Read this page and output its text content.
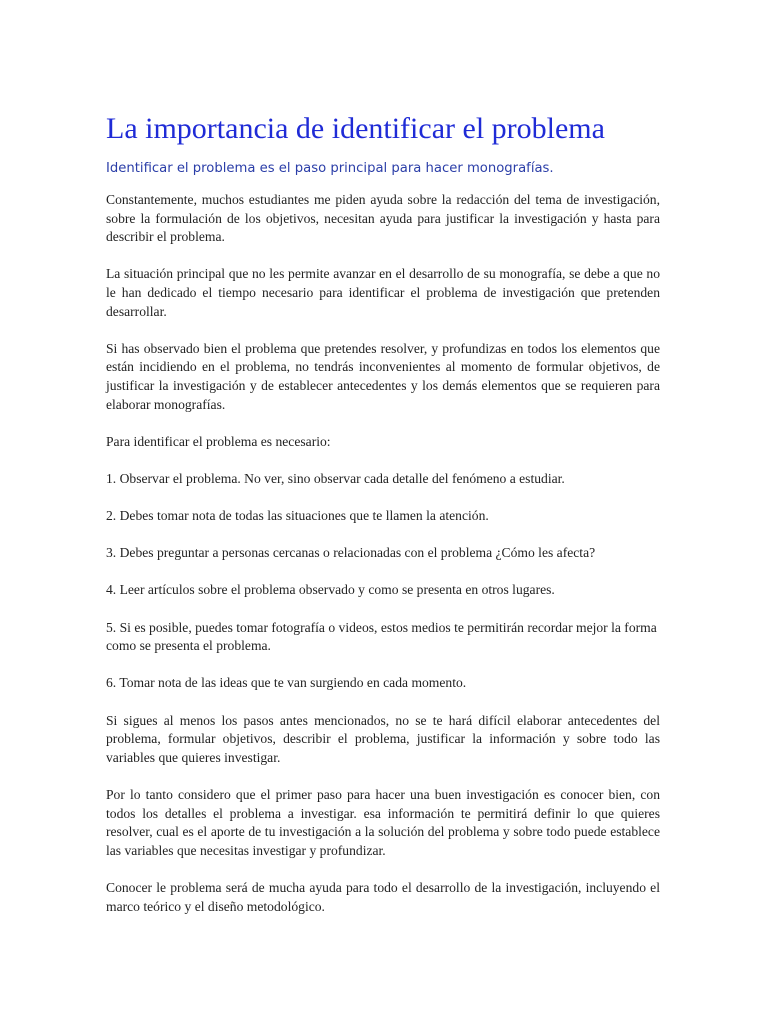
La importancia de identificar el problema
Identificar el problema es el paso principal para hacer monografías.

Constantemente, muchos estudiantes me piden ayuda sobre la redacción del tema de investigación, sobre la formulación de los objetivos, necesitan ayuda para justificar la investigación y hasta para describir el problema.

La situación principal que no les permite avanzar en el desarrollo de su monografía, se debe a que no le han dedicado el tiempo necesario para identificar el problema de investigación que pretenden desarrollar.

Si has observado bien el problema que pretendes resolver, y profundizas en todos los elementos que están incidiendo en el problema, no tendrás inconvenientes al momento de formular objetivos, de justificar la investigación y de establecer antecedentes y los demás elementos que se requieren para elaborar monografías.

Para identificar el problema es necesario:

1. Observar el problema. No ver, sino observar cada detalle del fenómeno a estudiar.

2. Debes tomar nota de todas las situaciones que te llamen la atención.

3. Debes preguntar a personas cercanas o relacionadas con el problema ¿Cómo les afecta?

4. Leer artículos sobre el problema observado y como se presenta en otros lugares.

5. Si es posible, puedes tomar fotografía o videos, estos medios te permitirán recordar mejor la forma como se presenta el problema.

6. Tomar nota de las ideas que te van surgiendo en cada momento.

Si sigues al menos los pasos antes mencionados, no se te hará difícil elaborar antecedentes del problema, formular objetivos, describir el problema, justificar la información y sobre todo las variables que quieres investigar.

Por lo tanto considero que el primer paso para hacer una buen investigación es conocer bien, con todos los detalles el problema a investigar. esa información te permitirá definir lo que quieres resolver, cual es el aporte de tu investigación a la solución del problema y sobre todo puede establece las variables que necesitas investigar y profundizar.

Conocer le problema será de mucha ayuda para todo el desarrollo de la investigación, incluyendo el marco teórico y el diseño metodológico.
